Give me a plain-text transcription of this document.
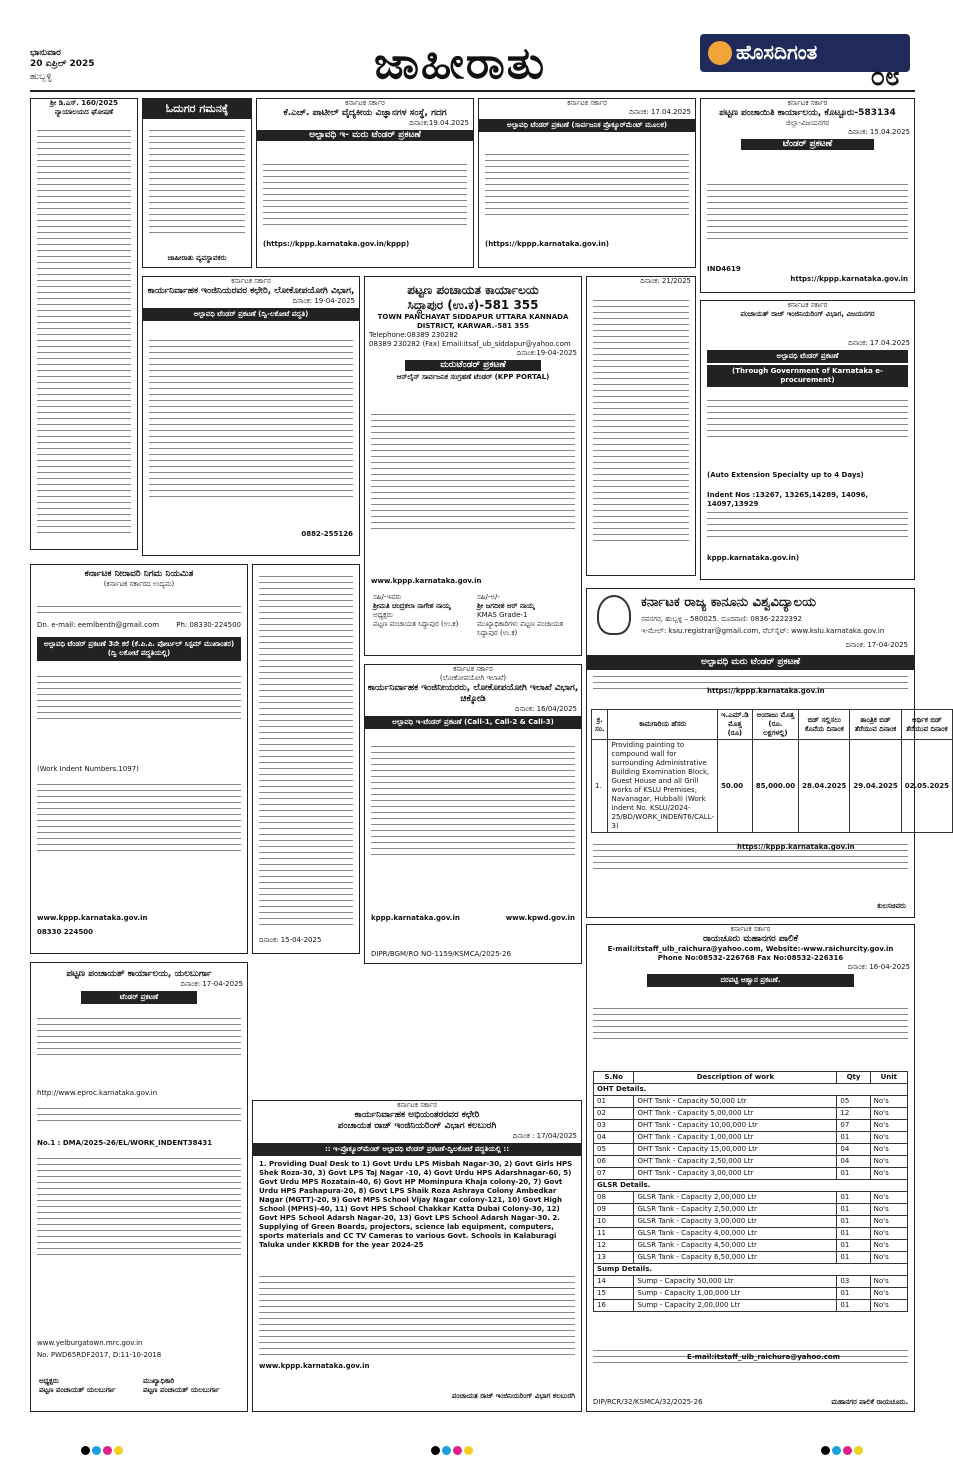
ಭಾನುವಾರ
20 ಏಪ್ರಿಲ್ 2025
ಹುಬ್ಬಳ್ಳಿ	ಜಾಹೀರಾತು	ಹೊಸದಿಗಂತ
೦೮
ಶ್ರೀ ಡಿ.ಎಸ್. 160/2025
ನ್ಯಾಯಾಲಯದ ಘೋಷಣೆ	ಓದುಗರ ಗಮನಕ್ಕೆ
ಜಾಹೀರಾತು ವ್ಯವಸ್ಥಾಪಕರು
ಕರ್ನಾಟಕ ಸರ್ಕಾರ
ಕೆ.ಎಚ್. ಪಾಟೀಲ್ ವೈದ್ಯಕೀಯ ವಿಜ್ಞಾನಗಳ ಸಂಸ್ಥೆ, ಗದಗ
ದಿನಾಂಕ:19.04.2025
ಅಲ್ಪಾವಧಿ ಇ- ಮರು ಟೆಂಡರ್ ಪ್ರಕಟಣೆ
(https://kppp.karnataka.gov.in/kppp)
ಕರ್ನಾಟಕ ಸರ್ಕಾರ
ದಿನಾಂಕ: 17.04.2025
ಅಲ್ಪಾವಧಿ ಟೆಂಡರ್ ಪ್ರಕಟಣೆ (ಸಾರ್ವಜನಿಕ ಪ್ರೊಕ್ಯೂರ್‌ಮೆಂಟ್ ಮೂಲಕ)
(https://kppp.karnataka.gov.in)
ಕರ್ನಾಟಕ ಸರ್ಕಾರ
ಪಟ್ಟಣ ಪಂಚಾಯಿತಿ ಕಾರ್ಯಾಲಯ, ಕೊಟ್ಟೂರು-583134
ಜಿಲ್ಲಾ-ವಿಜಯನಗರ
ದಿನಾಂಕ: 15.04.2025
ಟೆಂಡರ್ ಪ್ರಕಟಣೆ
IND4619
https://kppp.karnataka.gov.in
ಕರ್ನಾಟಕ ಸರ್ಕಾರ
ಕಾರ್ಯನಿರ್ವಾಹಕ ಇಂಜಿನಿಯರವರ ಕಛೇರಿ, ಲೋಕೋಪಯೋಗಿ ವಿಭಾಗ,
ದಿನಾಂಕ: 19-04-2025
ಅಲ್ಪಾವಧಿ ಟೆಂಡರ್ ಪ್ರಕಟಣೆ (ದ್ವಿ-ಲಕೋಟೆ ಪದ್ಧತಿ)
0882-255126
ಪಟ್ಟಣ ಪಂಚಾಯತ ಕಾರ್ಯಾಲಯ
ಸಿದ್ದಾಪುರ (ಉ.ಕ)-581 355
TOWN PANCHAYAT SIDDAPUR UTTARA KANNADA
DISTRICT, KARWAR.-581 355
Telephone:08389 230282
08389 230282 (Fax) Email:itsaf_ub_siddapur@yahoo.com
ದಿನಾಂಕ:19-04-2025
ಮರುಟೆಂಡರ್ ಪ್ರಕಟಣೆ
ಆನ್‌ಲೈನ್ ಸಾರ್ವಜನಿಕ ಸಂಗ್ರಹಣೆ ಟೆಂಡರ್ (KPP PORTAL)
www.kppp.karnataka.gov.in
ಸಹಿ/-ಇವರು
ಶ್ರೀಮತಿ ಚಂದ್ರಕಲಾ ನಾಗೇಶ ನಾಯ್ಕ
ಅಧ್ಯಕ್ಷರು
ಪಟ್ಟಣ ಪಂಚಾಯತ ಸಿದ್ದಾಪುರ (ಉ.ಕ)
ಸಹಿ/-ಅ/-
ಶ್ರೀ ಜಗದೀಶ ಆರ್ ನಾಯ್ಕ
KMAS Grade-1
ಮುಖ್ಯಾಧಿಕಾರಿಗಳು ಪಟ್ಟಣ ಪಂಚಾಯತ ಸಿದ್ದಾಪುರ (ಉ.ಕ)
ದಿನಾಂಕ: 21/2025
ಕರ್ನಾಟಕ ಸರ್ಕಾರ
ಪಂಚಾಯತ್ ರಾಜ್ ಇಂಜಿನಿಯರಿಂಗ್ ವಿಭಾಗ, ವಿಜಯನಗರ
ದಿನಾಂಕ: 17.04.2025
ಅಲ್ಪಾವಧಿ ಟೆಂಡರ್ ಪ್ರಕಟಣೆ
(Through Government of Karnataka e-procurement)
(Auto Extension Specialty up to 4 Days)
Indent Nos :13267, 13265,14289, 14096, 14097,13929
kppp.karnataka.gov.in)
ಕರ್ನಾಟಕ ನೀರಾವರಿ ನಿಗಮ ನಿಯಮಿತ
(ಕರ್ನಾಟಕ ಸರ್ಕಾರದ ಉದ್ಯಮ)
Dn. e-mail: eemlbenth@gmail.com Ph: 08330-224500
ಅಲ್ಪಾವಧಿ ಟೆಂಡರ್ ಪ್ರಕಟಣೆ 3ನೇ ಕರೆ (ಕೆ.ಪಿ.ಪಿ. ಪೋರ್ಟಲ್ ಸಿಸ್ಟಮ್ ಮುಖಾಂತರ) (ದ್ವಿ ಲಕೋಟೆ ಪದ್ಧತಿಯಲ್ಲಿ)
(Work Indent Numbers.1097)
www.kppp.karnataka.gov.in
08330 224500
ದಿನಾಂಕ: 15-04-2025
ಕರ್ನಾಟಕ ಸರ್ಕಾರ
(ಲೋಕೋಪಯೋಗಿ ಇಲಾಖೆ)
ಕಾರ್ಯನಿರ್ವಾಹಕ ಇಂಜಿನೀಯರರು, ಲೋಕೋಪಯೋಗಿ ಇಲಾಖೆ ವಿಭಾಗ, ಚಿಕ್ಕೋಡಿ
ದಿನಾಂಕ: 16/04/2025
ಅಲ್ಪಾವಧಿ ಇ-ಟೆಂಡರ್ ಪ್ರಕಟಣೆ (Call-1, Call-2 & Call-3)
kppp.karnataka.gov.in	www.kpwd.gov.in
DIPR/BGM/RO NO-1159/KSMCA/2025-26
ಕರ್ನಾಟಕ ರಾಜ್ಯ ಕಾನೂನು ವಿಶ್ವವಿದ್ಯಾಲಯ
ನವನಗರ, ಹುಬ್ಬಳ್ಳಿ – 580025. ದೂರವಾಣಿ: 0836-2222392
ಇ-ಮೇಲ್: ksiu.registrar@gmail.com, ವೆಬ್‌ಸೈಟ್: www.kslu.karnataka.gov.in
ದಿನಾಂಕ: 17-04-2025
ಅಲ್ಪಾವಧಿ ಮರು ಟೆಂಡರ್ ಪ್ರಕಟಣೆ
https://kppp.karnataka.gov.in
ಕ್ರ. ಸಂ.	ಕಾಮಗಾರಿಯ ಹೆಸರು	ಇ.ಎಮ್.ಡಿ ಮೊತ್ತ (ರೂ)	ಅಂದಾಜು ಮೊತ್ತ (ರೂ. ಲಕ್ಷಗಳಲ್ಲಿ)	ಬಿಡ್ ಸಲ್ಲಿಸಲು ಕೊನೆಯ ದಿನಾಂಕ	ತಾಂತ್ರಿಕ ಬಿಡ್ ತೆರೆಯುವ ದಿನಾಂಕ	ಆರ್ಥಿಕ ಬಿಡ್ ತೆರೆಯುವ ದಿನಾಂಕ
1.	Providing painting to compound wall for surrounding Administrative Building Examination Block, Guest House and all Grill works of KSLU Premises, Navanagar, Hubballi (Work Indent No. KSLU/2024-25/BD/WORK_INDENT6/CALL-3)	50.00	85,000.00	28.04.2025	29.04.2025	02.05.2025
https://kppp.karnataka.gov.in
ಕುಲಸಚಿವರು
ಪಟ್ಟಣ ಪಂಚಾಯತ್ ಕಾರ್ಯಾಲಯ, ಯಲಬುರ್ಗಾ
ದಿನಾಂಕ: 17-04-2025
ಟೆಂಡರ್ ಪ್ರಕಟಣೆ
http://www.eproc.karnataka.gov.in
No.1 : DMA/2025-26/EL/WORK_INDENT38431
www.yelburgatown.mrc.gov.in
No. PWD65RDF2017, D:11-10-2018
ಅಧ್ಯಕ್ಷರು
ಪಟ್ಟಣ ಪಂಚಾಯತ್ ಯಲಬುರ್ಗಾ
ಮುಖ್ಯಾಧಿಕಾರಿ
ಪಟ್ಟಣ ಪಂಚಾಯತ್ ಯಲಬುರ್ಗಾ
ಕರ್ನಾಟಕ ಸರ್ಕಾರ
ಕಾರ್ಯನಿರ್ವಾಹಕ ಅಭಿಯಂತರರವರ ಕಛೇರಿ
ಪಂಚಾಯತ ರಾಜ್ ಇಂಜಿನಿಯರಿಂಗ್ ವಿಭಾಗ ಕಲಬುರಗಿ
ದಿನಾಂಕ : 17/04/2025
:: ಇ-ಪ್ರೊಕ್ಯೂರ್‌ಮೆಂಟ್ ಅಲ್ಪಾವಧಿ ಟೆಂಡರ್ ಪ್ರಕಟಣೆ-ದ್ವಿಲಕೋಟೆ ಪದ್ಧತಿಯಲ್ಲಿ ::
1. Providing Dual Desk to 1) Govt Urdu LPS Misbah Nagar-30, 2) Govt Girls HPS Shek Roza-30, 3) Govt LPS Taj Nagar -10, 4) Govt Urdu HPS Adarshnagar-60, 5) Govt Urdu MPS Rozatain-40, 6) Govt HP Mominpura Khaja colony-20, 7) Govt Urdu HPS Pashapura-20, 8) Govt LPS Shaik Roza Ashraya Colony Ambedkar Nagar (MGTT)-20, 9) Govt MPS School Vijay Nagar colony-121, 10) Govt High School (MPHS)-40, 11) Govt HPS School Chakkar Katta Dubai Colony-30, 12) Govt HPS School Adarsh Nagar-20, 13) Govt LPS School Adarsh Nagar-30. 2. Supplying of Green Boards, projectors, science lab equipment, computers, sports materials and CC TV Cameras to various Govt. Schools in Kalaburagi Taluka under KKRDB for the year 2024-25
www.kppp.karnataka.gov.in
ಪಂಚಾಯತ ರಾಜ್ ಇಂಜಿನಿಯರಿಂಗ್ ವಿಭಾಗ ಕಲಬುರಗಿ
ಕರ್ನಾಟಕ ಸರ್ಕಾರ
ರಾಯಚೂರು ಮಹಾನಗರ ಪಾಲಿಕೆ
E-mail:itstaff_ulb_raichura@yahoo.com, Website:-www.raichurcity.gov.in
Phone No:08532-226768 Fax No:08532-226316
ದಿನಾಂಕ: 16-04-2025
ದರಪಟ್ಟಿ ಆಹ್ವಾನ ಪ್ರಕಟಣೆ.
S.No	Description of work	Qty	Unit
OHT Details.			
01	OHT Tank - Capacity 50,000 Ltr	05	No's
02	OHT Tank - Capacity 5,00,000 Ltr	12	No's
03	OHT Tank - Capacity 10,00,000 Ltr	07	No's
04	OHT Tank - Capacity 1,00,000 Ltr	01	No's
05	OHT Tank - Capacity 15,00,000 Ltr	04	No's
06	OHT Tank - Capacity 2,50,000 Ltr	04	No's
07	OHT Tank - Capacity 3,00,000 Ltr	01	No's
GLSR Details.			
08	GLSR Tank - Capacity 2,00,000 Ltr	01	No's
09	GLSR Tank - Capacity 2,50,000 Ltr	01	No's
10	GLSR Tank - Capacity 3,00,000 Ltr	01	No's
11	GLSR Tank - Capacity 4,00,000 Ltr	01	No's
12	GLSR Tank - Capacity 4,50,000 Ltr	01	No's
13	GLSR Tank - Capacity 6,50,000 Ltr	01	No's
Sump Details.			
14	Sump - Capacity 50,000 Ltr	03	No's
15	Sump - Capacity 1,00,000 Ltr	01	No's
16	Sump - Capacity 2,00,000 Ltr	01	No's
E-mail:itstaff_ulb_raichura@yahoo.com
DIP/RCR/32/KSMCA/32/2025-26	ಮಹಾನಗರ ಪಾಲಿಕೆ ರಾಯಚೂರು.
